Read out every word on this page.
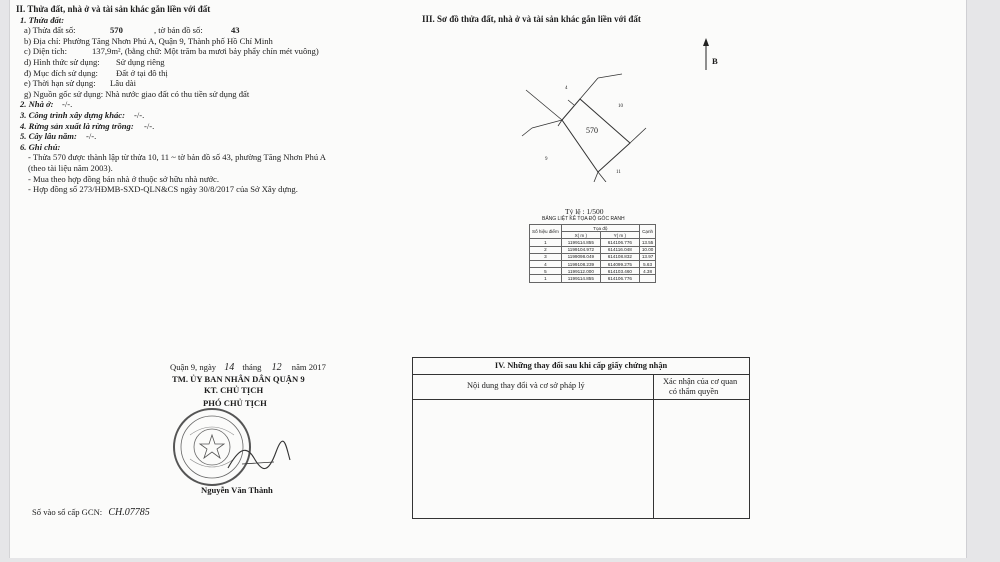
II. Thửa đất, nhà ở và tài sản khác gắn liền với đất
1. Thửa đất:
a) Thửa đất số:	570	, tờ bản đồ số:	43
b) Địa chỉ: Phường Tăng Nhơn Phú A, Quận 9, Thành phố Hồ Chí Minh
c) Diện tích:	137,9m², (bằng chữ: Một trăm ba mươi bảy phẩy chín mét vuông)
d) Hình thức sử dụng: Sử dụng riêng
đ) Mục đích sử dụng: Đất ở tại đô thị
e) Thời hạn sử dụng: Lâu dài
g) Nguồn gốc sử dụng: Nhà nước giao đất có thu tiền sử dụng đất
2. Nhà ở: -/-.
3. Công trình xây dựng khác: -/-.
4. Rừng sản xuất là rừng trồng: -/-.
5. Cây lâu năm: -/-.
6. Ghi chú:
- Thửa 570 được thành lập từ thửa 10, 11 ~ tờ bản đồ số 43, phường Tăng Nhơn Phú A
(theo tài liệu năm 2003).
- Mua theo hợp đồng bán nhà ở thuộc sở hữu nhà nước.
- Hợp đồng số 273/HĐMB-SXD-QLN&CS ngày 30/8/2017 của Sở Xây dựng.
III. Sơ đồ thửa đất, nhà ở và tài sản khác gắn liền với đất
B
570
4
10
9
11
Tỷ lệ : 1/500
BẢNG LIỆT KÊ TỌA ĐỘ GÓC RANH
Số hiệu điểm	Tọa độ		Cạnh
	X( m )	Y( m )	
1	1199114.855	614106.776	13.55
2	1199104.972	614116.048	10.00
3	1199098.049	614108.832	13.97
4	1199108.239	614099.275	5.63
5	1199112.000	614103.460	4.38
1	1199114.855	614106.776	
Quận 9, ngày 14 tháng 12 năm 2017
TM. ỦY BAN NHÂN DÂN QUẬN 9
KT. CHỦ TỊCH
PHÓ CHỦ TỊCH
Nguyễn Văn Thành
Số vào sổ cấp GCN: CH.07785
IV. Những thay đổi sau khi cấp giấy chứng nhận
Nội dung thay đổi và cơ sở pháp lý	Xác nhận của cơ quan
có thẩm quyền
